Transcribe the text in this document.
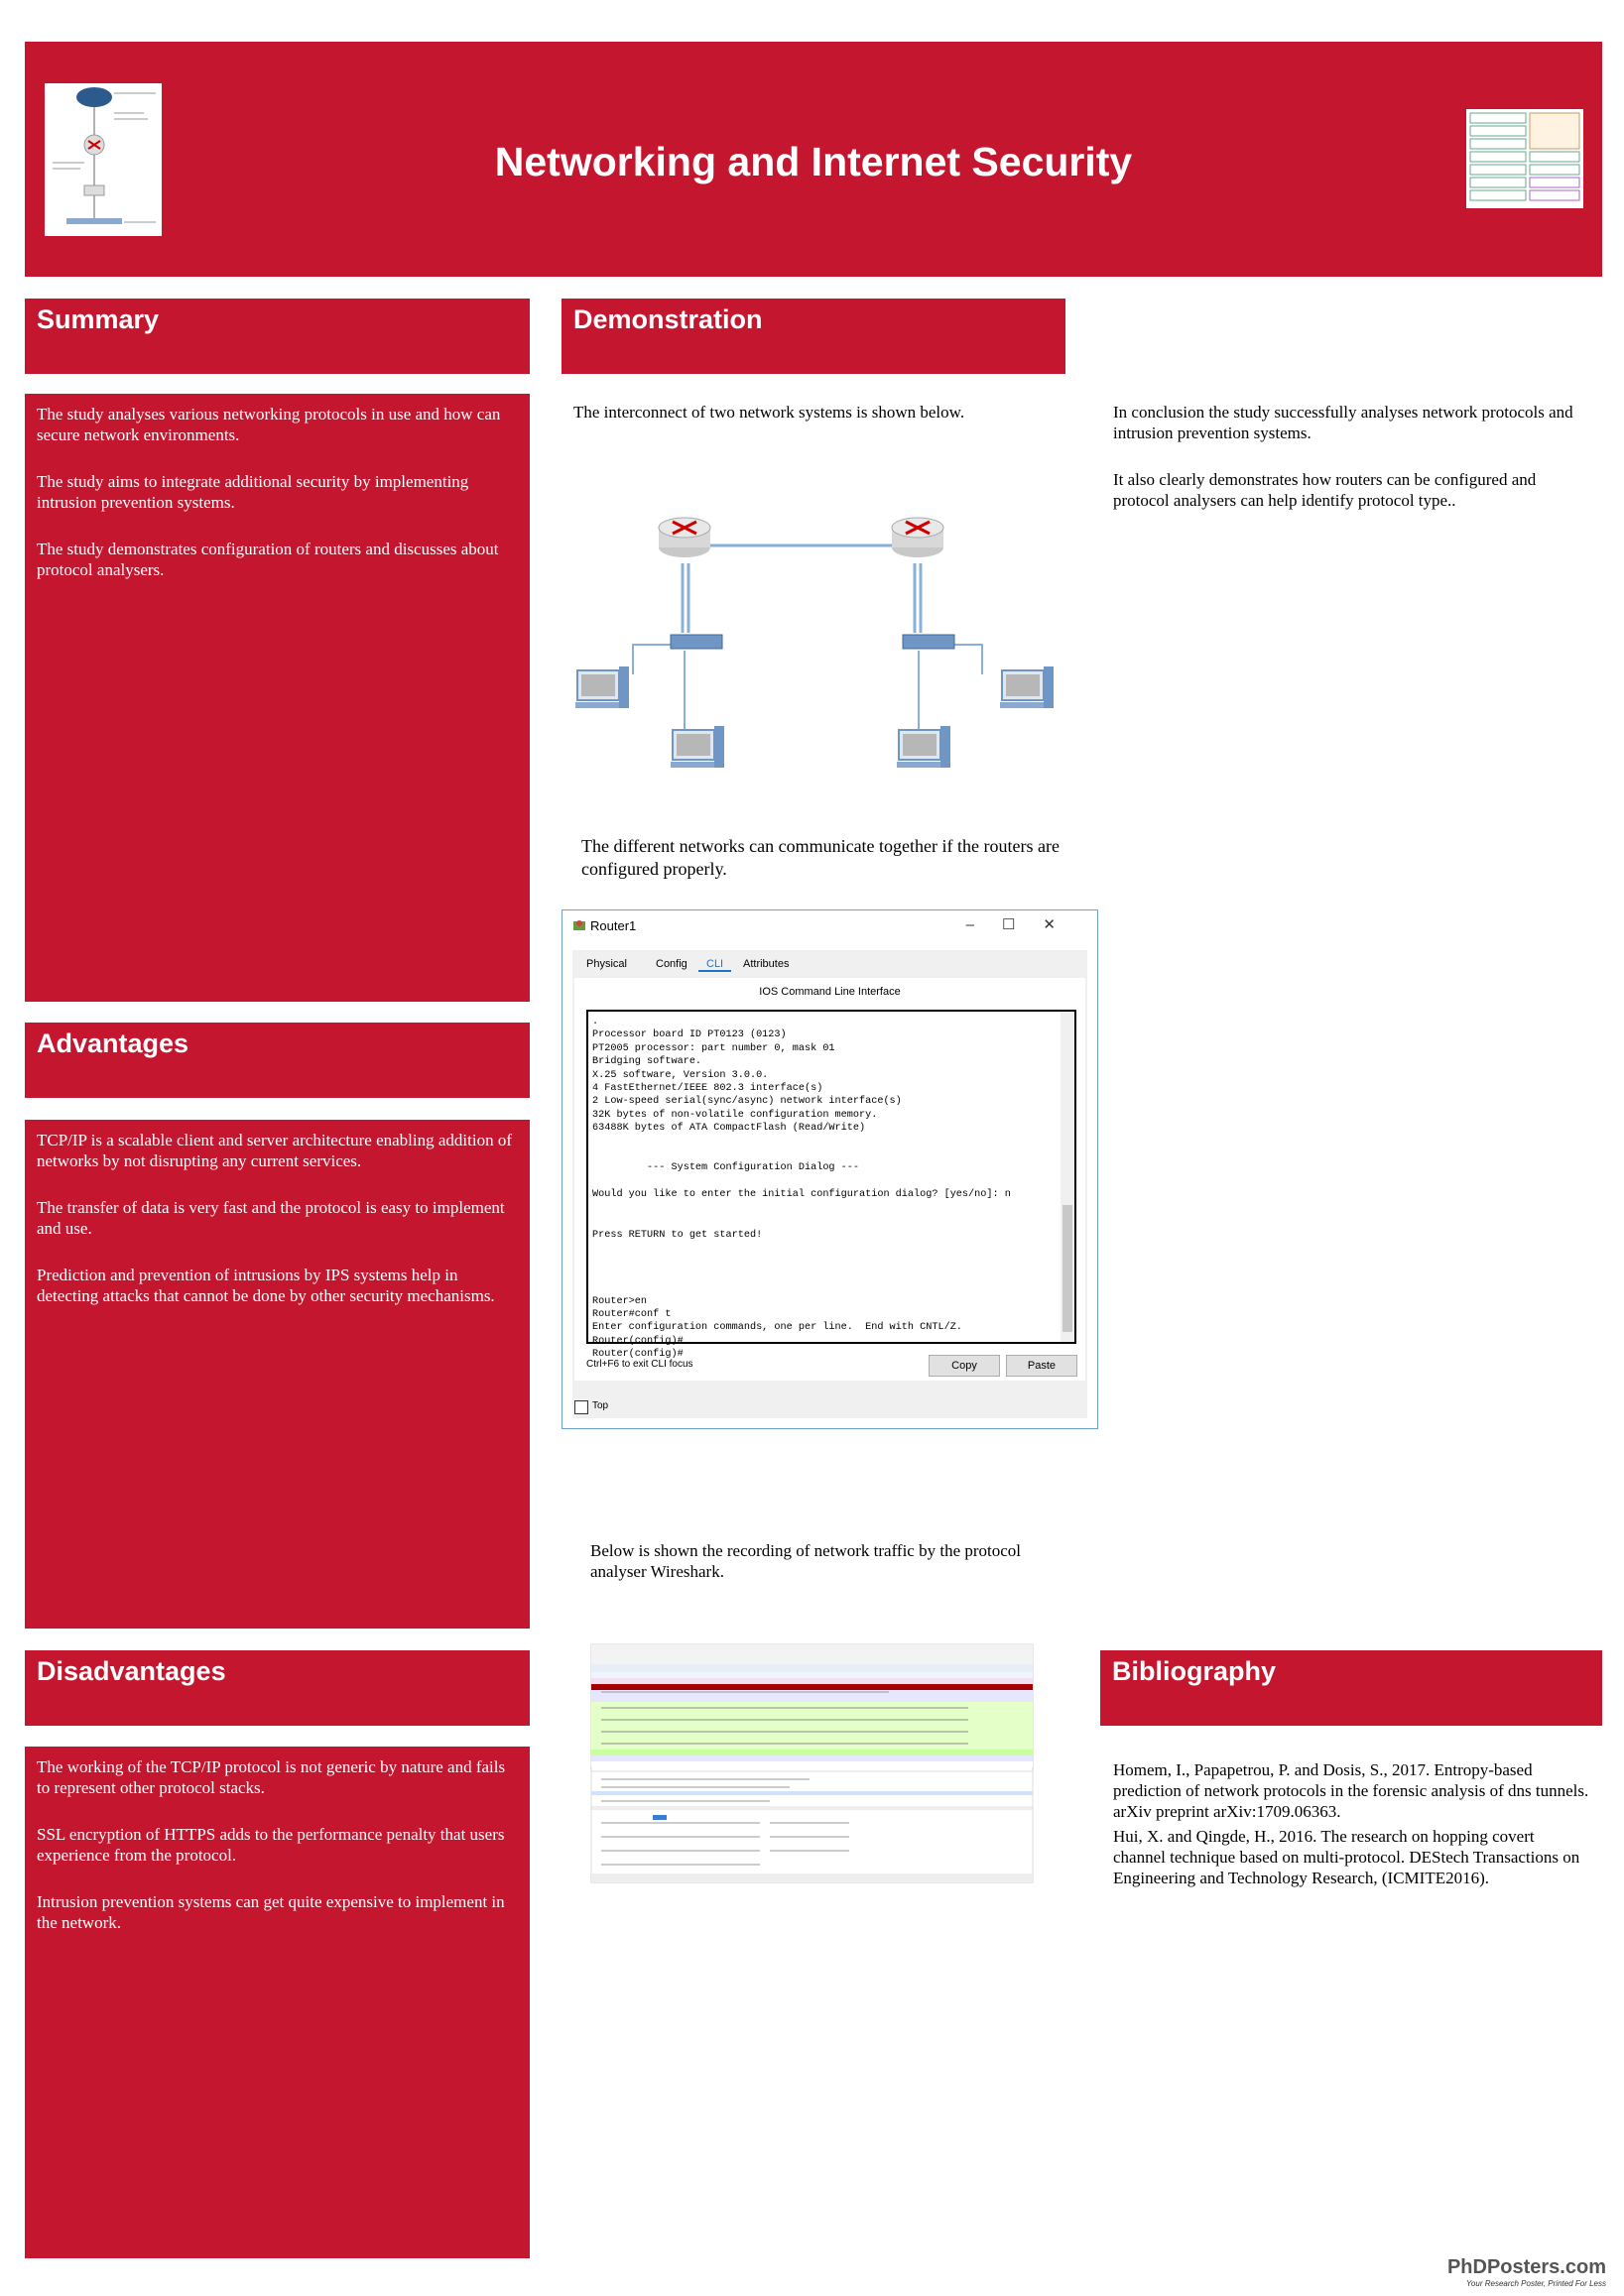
Networking and Internet Security
Summary

The study analyses various networking protocols in use and how can secure network environments.

The study aims to integrate additional security by implementing intrusion prevention systems.

The study demonstrates configuration of routers and discusses about protocol analysers.

Advantages

TCP/IP is a scalable client and server architecture enabling addition of networks by not disrupting any current services.

The transfer of data is very fast and the protocol is easy to implement and use.

Prediction and prevention of intrusions by IPS systems help in detecting attacks that cannot be done by other security mechanisms.

Disadvantages

The working of the TCP/IP protocol is not generic by nature and fails to represent other protocol stacks.

SSL encryption of HTTPS adds to the performance penalty that users experience from the protocol.

Intrusion prevention systems can get quite expensive to implement in the network.

Demonstration
The interconnect of two network systems is shown below.
The different networks can communicate together if the routers are configured properly.
Router1	–☐✕
Physical	Config	CLI	Attributes
IOS Command Line Interface
.
Processor board ID PT0123 (0123)
PT2005 processor: part number 0, mask 01
Bridging software.
X.25 software, Version 3.0.0.
4 FastEthernet/IEEE 802.3 interface(s)
2 Low-speed serial(sync/async) network interface(s)
32K bytes of non-volatile configuration memory.
63488K bytes of ATA CompactFlash (Read/Write)

--- System Configuration Dialog ---

Would you like to enter the initial configuration dialog? [yes/no]: n

Press RETURN to get started!

Router>en
Router#conf t
Enter configuration commands, one per line.  End with CNTL/Z.
Router(config)#
Router(config)#
Ctrl+F6 to exit CLI focus	Copy	Paste
Top
Below is shown the recording of network traffic by the protocol analyser Wireshark.

In conclusion the study successfully analyses network protocols and intrusion prevention systems.

It also clearly demonstrates how routers can be configured and protocol analysers can help identify protocol type..

Bibliography
Homem, I., Papapetrou, P. and Dosis, S., 2017. Entropy-based prediction of network protocols in the forensic analysis of dns tunnels. arXiv preprint arXiv:1709.06363.
Hui, X. and Qingde, H., 2016. The research on hopping covert channel technique based on multi-protocol. DEStech Transactions on Engineering and Technology Research, (ICMITE2016).
PhDPosters.com
Your Research Poster, Printed For Less
